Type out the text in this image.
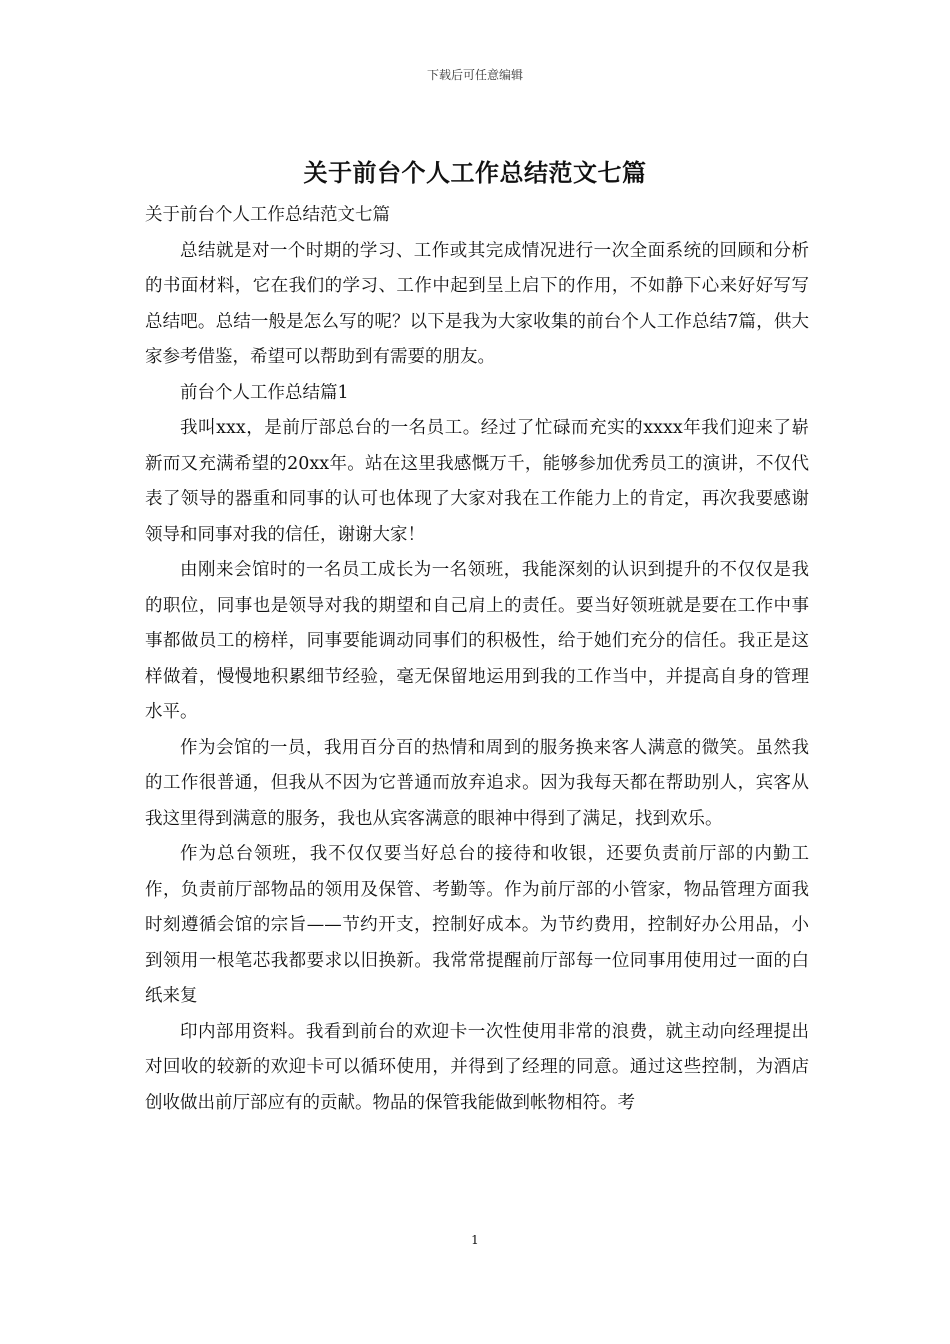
下载后可任意编辑
关于前台个人工作总结范文七篇

关于前台个人工作总结范文七篇

总结就是对一个时期的学习、工作或其完成情况进行一次全面系统的回顾和分析的书面材料，它在我们的学习、工作中起到呈上启下的作用，不如静下心来好好写写总结吧。总结一般是怎么写的呢？以下是我为大家收集的前台个人工作总结7篇，供大家参考借鉴，希望可以帮助到有需要的朋友。

前台个人工作总结篇1

我叫xxx，是前厅部总台的一名员工。经过了忙碌而充实的xxxx年我们迎来了崭新而又充满希望的20xx年。站在这里我感慨万千，能够参加优秀员工的演讲，不仅代表了领导的器重和同事的认可也体现了大家对我在工作能力上的肯定，再次我要感谢领导和同事对我的信任，谢谢大家！

由刚来会馆时的一名员工成长为一名领班，我能深刻的认识到提升的不仅仅是我的职位，同事也是领导对我的期望和自己肩上的责任。要当好领班就是要在工作中事事都做员工的榜样，同事要能调动同事们的积极性，给于她们充分的信任。我正是这样做着，慢慢地积累细节经验，毫无保留地运用到我的工作当中，并提高自身的管理水平。

作为会馆的一员，我用百分百的热情和周到的服务换来客人满意的微笑。虽然我的工作很普通，但我从不因为它普通而放弃追求。因为我每天都在帮助别人，宾客从我这里得到满意的服务，我也从宾客满意的眼神中得到了满足，找到欢乐。

作为总台领班，我不仅仅要当好总台的接待和收银，还要负责前厅部的内勤工作，负责前厅部物品的领用及保管、考勤等。作为前厅部的小管家，物品管理方面我时刻遵循会馆的宗旨——节约开支，控制好成本。为节约费用，控制好办公用品，小到领用一根笔芯我都要求以旧换新。我常常提醒前厅部每一位同事用使用过一面的白纸来复

印内部用资料。我看到前台的欢迎卡一次性使用非常的浪费，就主动向经理提出对回收的较新的欢迎卡可以循环使用，并得到了经理的同意。通过这些控制，为酒店创收做出前厅部应有的贡献。物品的保管我能做到帐物相符。考

1
